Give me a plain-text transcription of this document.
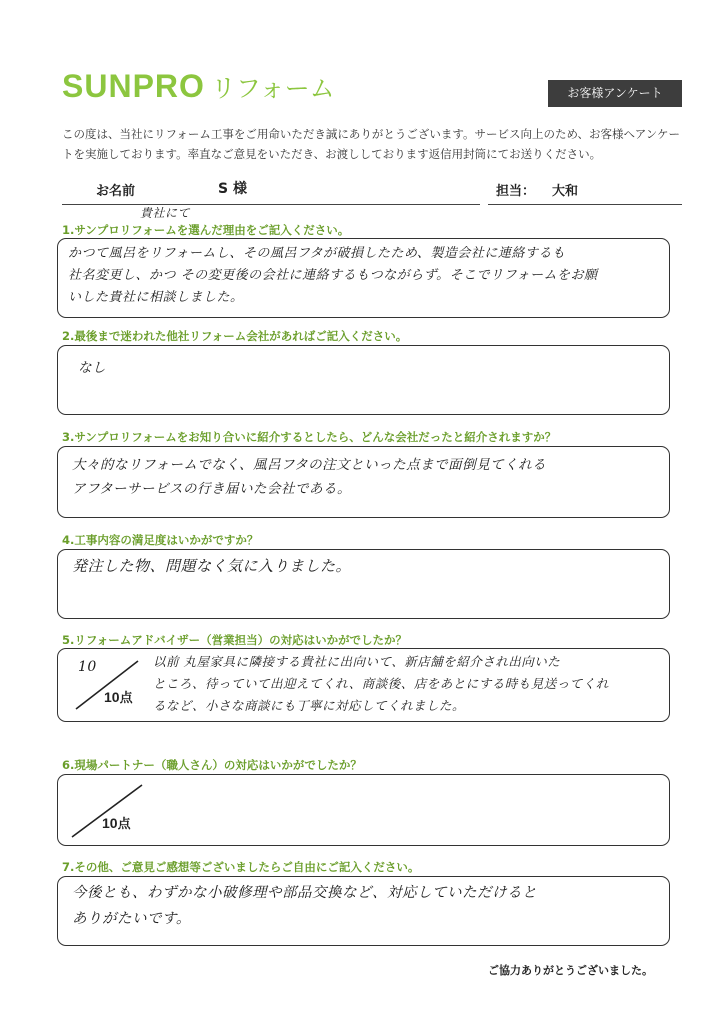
SUNPRO リフォーム	お客様アンケート
この度は、当社にリフォーム工事をご用命いただき誠にありがとうございます。サービス向上のため、お客様へアンケー
トを実施しております。率直なご意見をいただき、お渡ししております返信用封筒にてお送りください。
お名前	S 様	担当： 大和
1.サンプロリフォームを選んだ理由をご記入ください。
貴社にて
かつて風呂をリフォームし、その風呂フタが破損したため、製造会社に連絡するも
社名変更し、かつ その変更後の会社に連絡するもつながらず。そこでリフォームをお願
いした貴社に相談しました。
2.最後まで迷われた他社リフォーム会社があればご記入ください。
なし
3.サンプロリフォームをお知り合いに紹介するとしたら、どんな会社だったと紹介されますか？
大々的なリフォームでなく、風呂フタの注文といった点まで面倒見てくれる
アフターサービスの行き届いた会社である。
4.工事内容の満足度はいかがですか？
発注した物、問題なく気に入りました。
5.リフォームアドバイザー（営業担当）の対応はいかがでしたか？
10
10点
以前 丸屋家具に隣接する貴社に出向いて、新店舗を紹介され出向いた
ところ、待っていて出迎えてくれ、商談後、店をあとにする時も見送ってくれ
るなど、小さな商談にも丁寧に対応してくれました。
6.現場パートナー（職人さん）の対応はいかがでしたか？
10点
7.その他、ご意見ご感想等ございましたらご自由にご記入ください。
今後とも、わずかな小破修理や部品交換など、対応していただけると
ありがたいです。
ご協力ありがとうございました。
